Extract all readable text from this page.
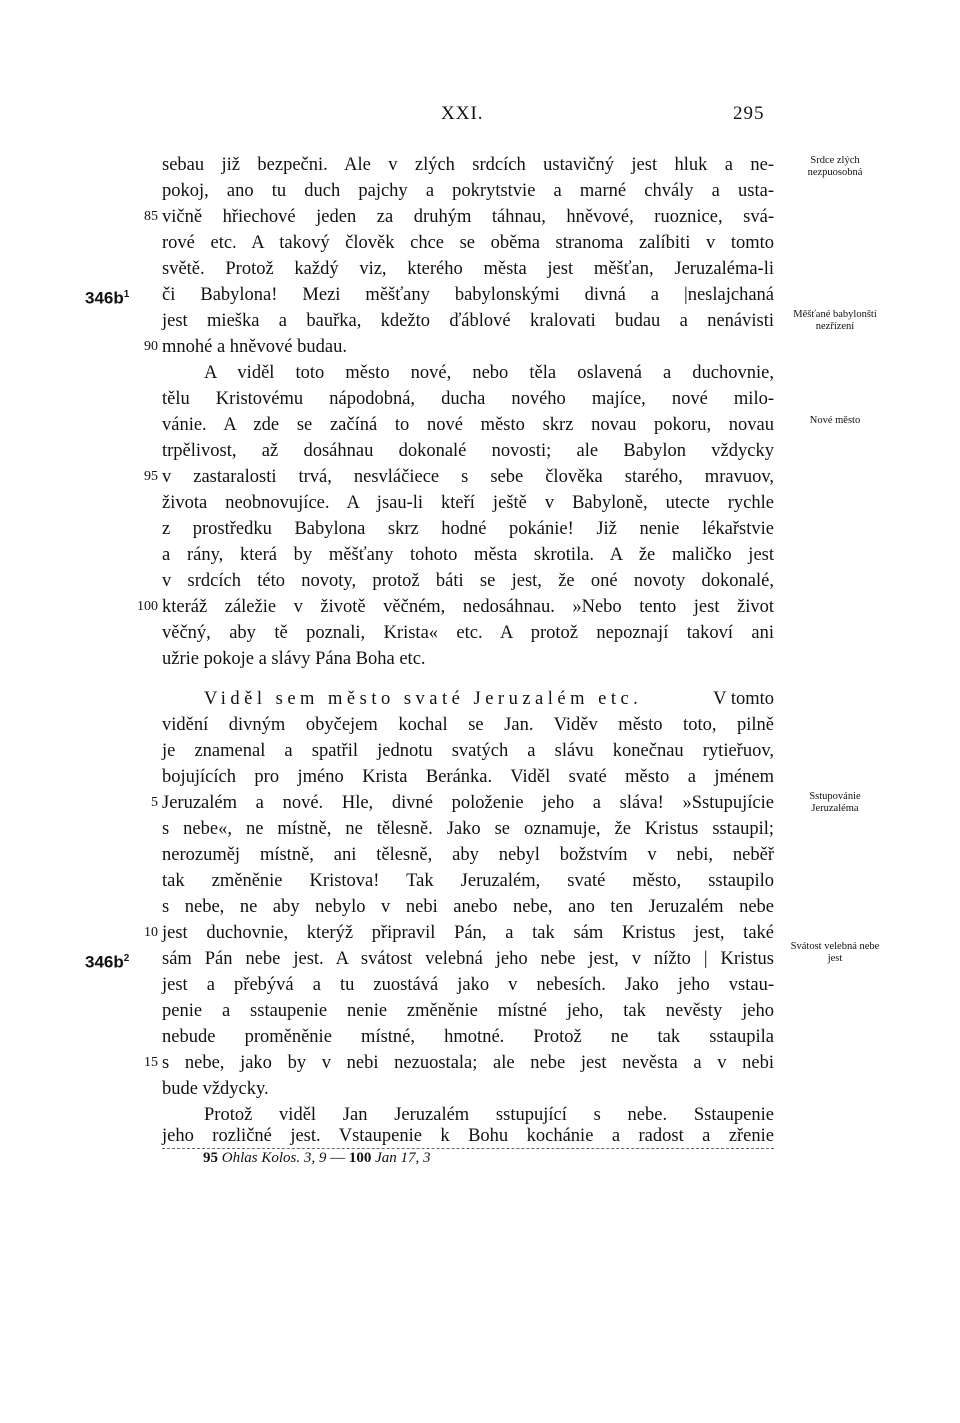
XXI.	295
sebau již bezpečni. Ale v zlých srdcích ustavičný jest hluk a ne-
pokoj, ano tu duch pajchy a pokrytstvie a marné chvály a usta-
vičně hřiechové jeden za druhým táhnau, hněvové, ruoznice, svá-
rové etc. A takový člověk chce se oběma stranoma zalíbiti v tomto
světě. Protož každý viz, kterého města jest měšťan, Jeruzaléma-li
či Babylona! Mezi měšťany babylonskými divná a |neslajchaná
jest mieška a bauřka, kdežto ďáblové kralovati budau a nenávisti
mnohé a hněvové budau.
A viděl toto město nové, nebo těla oslavená a duchovnie,
tělu Kristovému nápodobná, ducha nového majíce, nové milo-
vánie. A zde se začíná to nové město skrz novau pokoru, novau
trpělivost, až dosáhnau dokonalé novosti; ale Babylon vždycky
v zastaralosti trvá, nesvláčiece s sebe člověka starého, mravuov,
života neobnovujíce. A jsau-li kteří ještě v Babyloně, utecte rychle
z prostředku Babylona skrz hodné pokánie! Již nenie lékařstvie
a rány, která by měšťany tohoto města skrotila. A že maličko jest
v srdcích této novoty, protož báti se jest, že oné novoty dokonalé,
kteráž záležie v životě věčném, nedosáhnau. »Nebo tento jest život
věčný, aby tě poznali, Krista« etc. A protož nepoznají takoví ani
užrie pokoje a slávy Pána Boha etc.
85
90
95
100
$346b^1$
Srdce zlých nezpuosobná
Měšťané babylonští nezřízení
Nové město
Viděl sem město svaté Jeruzalém etc.	V tomto
vidění divným obyčejem kochal se Jan. Viděv město toto, pilně
je znamenal a spatřil jednotu svatých a slávu konečnau rytieřuov,
bojujících pro jméno Krista Beránka. Viděl svaté město a jménem
Jeruzalém a nové. Hle, divné položenie jeho a sláva! »Sstupujície
s nebe«, ne místně, ne tělesně. Jako se oznamuje, že Kristus sstaupil;
nerozuměj místně, ani tělesně, aby nebyl božstvím v nebi, neběř
tak změněnie Kristova! Tak Jeruzalém, svaté město, sstaupilo
s nebe, ne aby nebylo v nebi anebo nebe, ano ten Jeruzalém nebe
jest duchovnie, kterýž připravil Pán, a tak sám Kristus jest, také
sám Pán nebe jest. A svátost velebná jeho nebe jest, v nížto | Kristus
jest a přebývá a tu zuostává jako v nebesích. Jako jeho vstau-
penie a sstaupenie nenie změněnie místné jeho, tak nevěsty jeho
nebude proměněnie místné, hmotné. Protož ne tak sstaupila
s nebe, jako by v nebi nezuostala; ale nebe jest nevěsta a v nebi
bude vždycky.
Protož viděl Jan Jeruzalém sstupující s nebe. Sstaupenie
jeho rozličné jest. Vstaupenie k Bohu kochánie a radost a zřenie
5
10
15
$346b^2$
Sstupovánie Jeruzaléma
Svátost velebná nebe jest
95 Ohlas Kolos. 3, 9 — 100 Jan 17, 3
